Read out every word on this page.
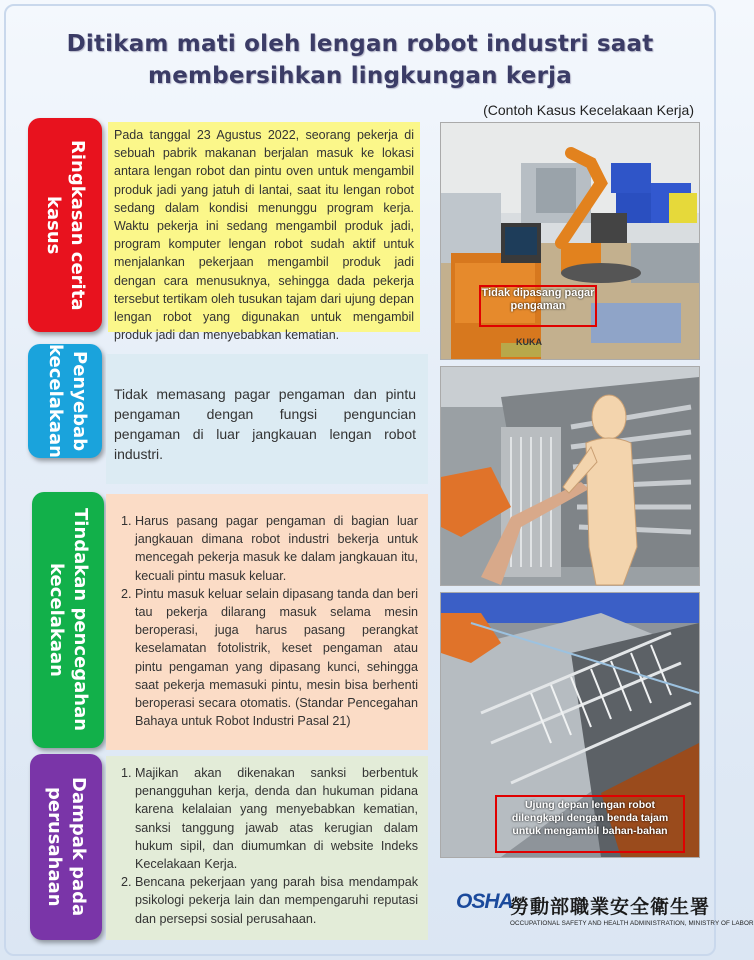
Ditikam mati oleh lengan robot industri saat
membersihkan lingkungan kerja
(Contoh Kasus Kecelakaan Kerja)
Ringkasan cerita kasus
Penyebab kecelakaan
Tindakan pencegahan kecelakaan
Dampak pada perusahaan

Pada tanggal 23 Agustus 2022, seorang pekerja di sebuah pabrik makanan berjalan masuk ke lokasi antara lengan robot dan pintu oven untuk mengambil produk jadi yang jatuh di lantai, saat itu lengan robot sedang dalam kondisi menunggu program kerja. Waktu pekerja ini sedang mengambil produk jadi, program komputer lengan robot sudah aktif untuk menjalankan pekerjaan mengambil produk jadi dengan cara menusuknya, sehingga dada pekerja tersebut tertikam oleh tusukan tajam dari ujung depan lengan robot yang digunakan untuk mengambil produk jadi dan menyebabkan kematian.

Tidak memasang pagar pengaman dan pintu pengaman dengan fungsi penguncian pengaman di luar jangkauan lengan robot industri.

1. Harus pasang pagar pengaman di bagian luar jangkauan dimana robot industri bekerja untuk mencegah pekerja masuk ke dalam jangkauan itu, kecuali pintu masuk keluar.
2. Pintu masuk keluar selain dipasang tanda dan beri tau pekerja dilarang masuk selama mesin beroperasi, juga harus pasang perangkat keselamatan fotolistrik, keset pengaman atau pintu pengaman yang dipasang kunci, sehingga saat pekerja memasuki pintu, mesin bisa berhenti beroperasi secara otomatis. (Standar Pencegahan Bahaya untuk Robot Industri Pasal 21)
1. Majikan akan dikenakan sanksi berbentuk penangguhan kerja, denda dan hukuman pidana karena kelalaian yang menyebabkan kematian, sanksi tanggung jawab atas kerugian dalam hukum sipil, dan diumumkan di website Indeks Kecelakaan Kerja.
2. Bencana pekerjaan yang parah bisa mendampak psikologi pekerja lain dan mempengaruhi reputasi dan persepsi sosial perusahaan.
KUKA
Tidak dipasang pagar pengaman
Ujung depan lengan robot dilengkapi dengan benda tajam untuk mengambil bahan-bahan
OSHA
勞動部職業安全衛生署
OCCUPATIONAL SAFETY AND HEALTH ADMINISTRATION, MINISTRY OF LABOR
